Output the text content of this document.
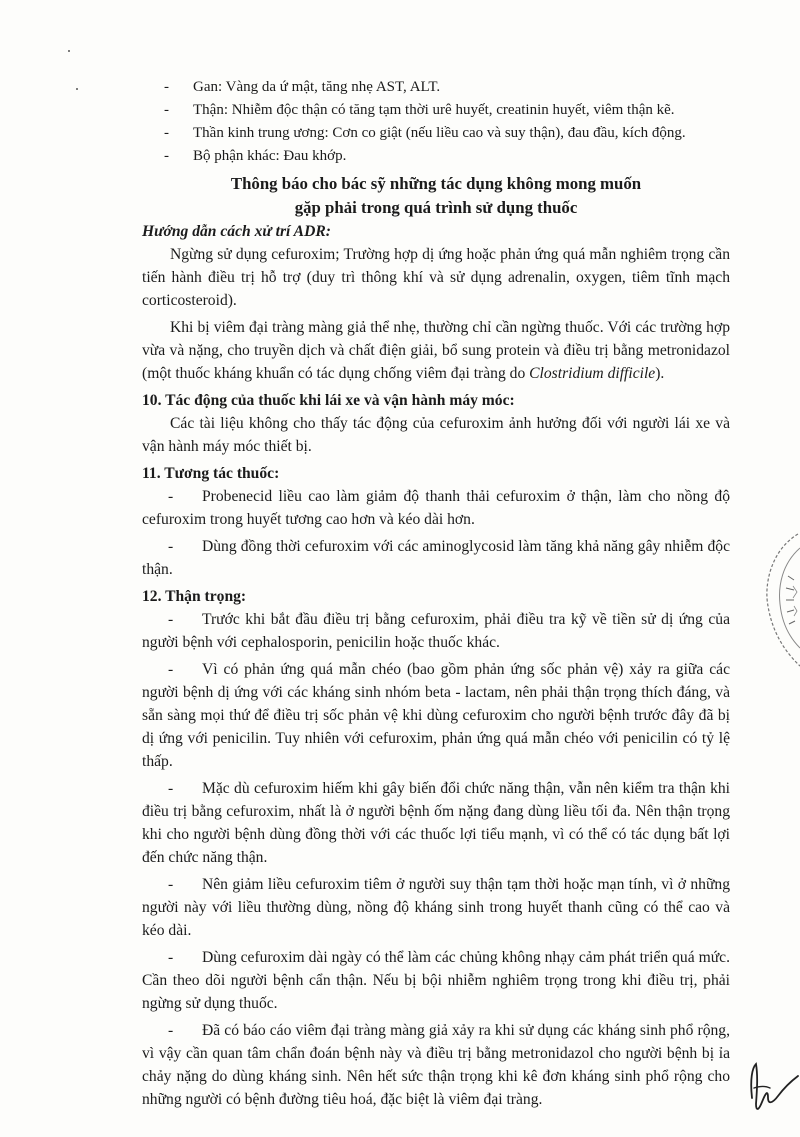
- Gan: Vàng da ứ mật, tăng nhẹ AST, ALT.
- Thận: Nhiễm độc thận có tăng tạm thời urê huyết, creatinin huyết, viêm thận kẽ.
- Thần kinh trung ương: Cơn co giật (nếu liều cao và suy thận), đau đầu, kích động.
- Bộ phận khác: Đau khớp.

Thông báo cho bác sỹ những tác dụng không mong muốn

gặp phải trong quá trình sử dụng thuốc

Hướng dẫn cách xử trí ADR:

Ngừng sử dụng cefuroxim; Trường hợp dị ứng hoặc phản ứng quá mẫn nghiêm trọng cần tiến hành điều trị hỗ trợ (duy trì thông khí và sử dụng adrenalin, oxygen, tiêm tĩnh mạch corticosteroid).

Khi bị viêm đại tràng màng giả thể nhẹ, thường chỉ cần ngừng thuốc. Với các trường hợp vừa và nặng, cho truyền dịch và chất điện giải, bổ sung protein và điều trị bằng metronidazol (một thuốc kháng khuẩn có tác dụng chống viêm đại tràng do Clostridium difficile).

10. Tác động của thuốc khi lái xe và vận hành máy móc:

Các tài liệu không cho thấy tác động của cefuroxim ảnh hưởng đối với người lái xe và vận hành máy móc thiết bị.

11. Tương tác thuốc:

- Probenecid liều cao làm giảm độ thanh thải cefuroxim ở thận, làm cho nồng độ cefuroxim trong huyết tương cao hơn và kéo dài hơn.

- Dùng đồng thời cefuroxim với các aminoglycosid làm tăng khả năng gây nhiễm độc thận.

12. Thận trọng:

- Trước khi bắt đầu điều trị bằng cefuroxim, phải điều tra kỹ về tiền sử dị ứng của người bệnh với cephalosporin, penicilin hoặc thuốc khác.

- Vì có phản ứng quá mẫn chéo (bao gồm phản ứng sốc phản vệ) xảy ra giữa các người bệnh dị ứng với các kháng sinh nhóm beta - lactam, nên phải thận trọng thích đáng, và sẵn sàng mọi thứ để điều trị sốc phản vệ khi dùng cefuroxim cho người bệnh trước đây đã bị dị ứng với penicilin. Tuy nhiên với cefuroxim, phản ứng quá mẫn chéo với penicilin có tỷ lệ thấp.

- Mặc dù cefuroxim hiếm khi gây biến đổi chức năng thận, vẫn nên kiểm tra thận khi điều trị bằng cefuroxim, nhất là ở người bệnh ốm nặng đang dùng liều tối đa. Nên thận trọng khi cho người bệnh dùng đồng thời với các thuốc lợi tiểu mạnh, vì có thể có tác dụng bất lợi đến chức năng thận.

- Nên giảm liều cefuroxim tiêm ở người suy thận tạm thời hoặc mạn tính, vì ở những người này với liều thường dùng, nồng độ kháng sinh trong huyết thanh cũng có thể cao và kéo dài.

- Dùng cefuroxim dài ngày có thể làm các chủng không nhạy cảm phát triển quá mức. Cần theo dõi người bệnh cẩn thận. Nếu bị bội nhiễm nghiêm trọng trong khi điều trị, phải ngừng sử dụng thuốc.

- Đã có báo cáo viêm đại tràng màng giả xảy ra khi sử dụng các kháng sinh phổ rộng, vì vậy cần quan tâm chẩn đoán bệnh này và điều trị bằng metronidazol cho người bệnh bị ỉa chảy nặng do dùng kháng sinh. Nên hết sức thận trọng khi kê đơn kháng sinh phổ rộng cho những người có bệnh đường tiêu hoá, đặc biệt là viêm đại tràng.
